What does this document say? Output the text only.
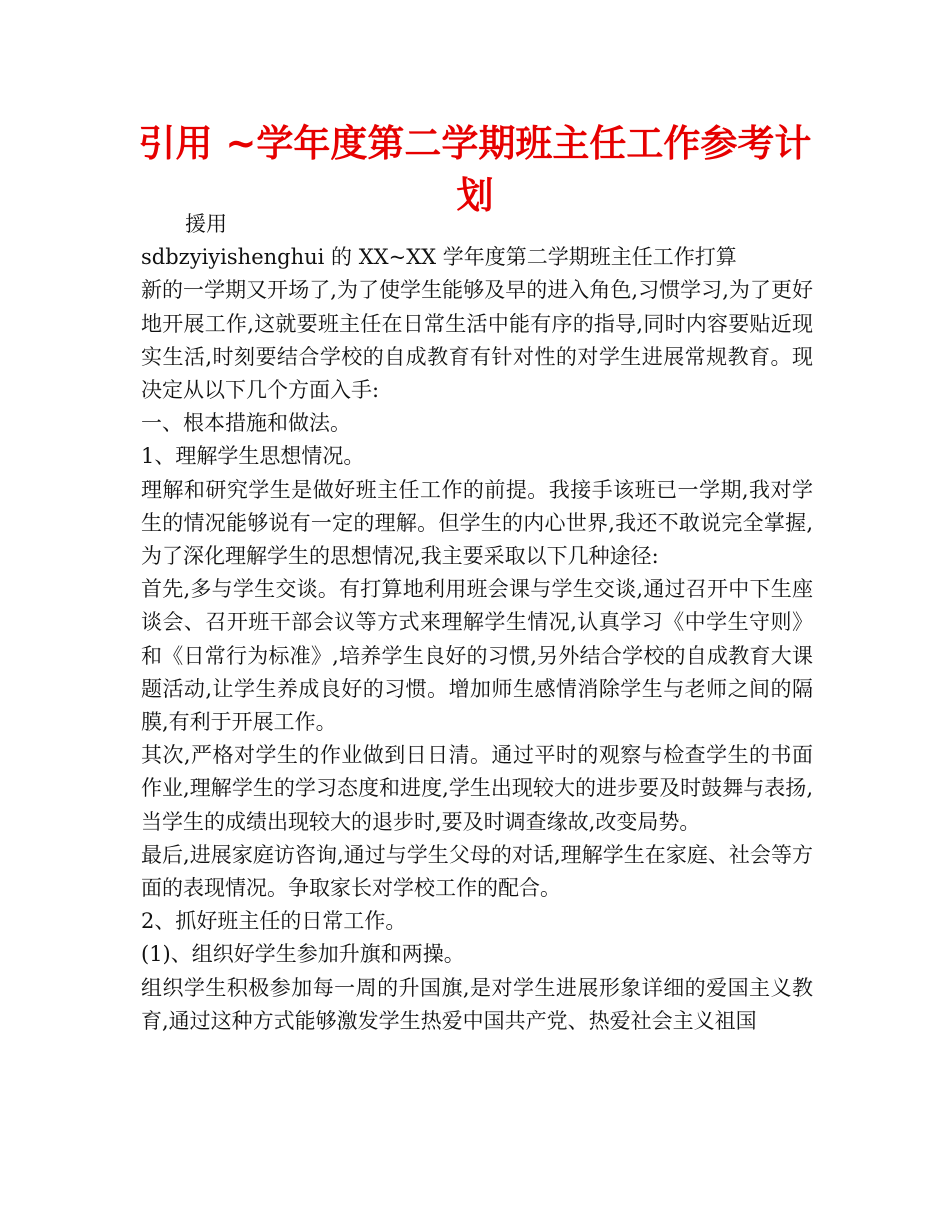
引用 ~学年度第二学期班主任工作参考计划

援用

sdbzyiyishenghui 的 XX~XX 学年度第二学期班主任工作打算

新的一学期又开场了,为了使学生能够及早的进入角色,习惯学习,为了更好地开展工作,这就要班主任在日常生活中能有序的指导,同时内容要贴近现实生活,时刻要结合学校的自成教育有针对性的对学生进展常规教育。现决定从以下几个方面入手:

一、根本措施和做法。

1、理解学生思想情况。

理解和研究学生是做好班主任工作的前提。我接手该班已一学期,我对学生的情况能够说有一定的理解。但学生的内心世界,我还不敢说完全掌握,为了深化理解学生的思想情况,我主要采取以下几种途径:

首先,多与学生交谈。有打算地利用班会课与学生交谈,通过召开中下生座谈会、召开班干部会议等方式来理解学生情况,认真学习《中学生守则》和《日常行为标准》,培养学生良好的习惯,另外结合学校的自成教育大课题活动,让学生养成良好的习惯。增加师生感情消除学生与老师之间的隔膜,有利于开展工作。

其次,严格对学生的作业做到日日清。通过平时的观察与检查学生的书面作业,理解学生的学习态度和进度,学生出现较大的进步要及时鼓舞与表扬,当学生的成绩出现较大的退步时,要及时调查缘故,改变局势。

最后,进展家庭访咨询,通过与学生父母的对话,理解学生在家庭、社会等方面的表现情况。争取家长对学校工作的配合。

2、抓好班主任的日常工作。

(1)、组织好学生参加升旗和两操。

组织学生积极参加每一周的升国旗,是对学生进展形象详细的爱国主义教育,通过这种方式能够激发学生热爱中国共产党、热爱社会主义祖国
